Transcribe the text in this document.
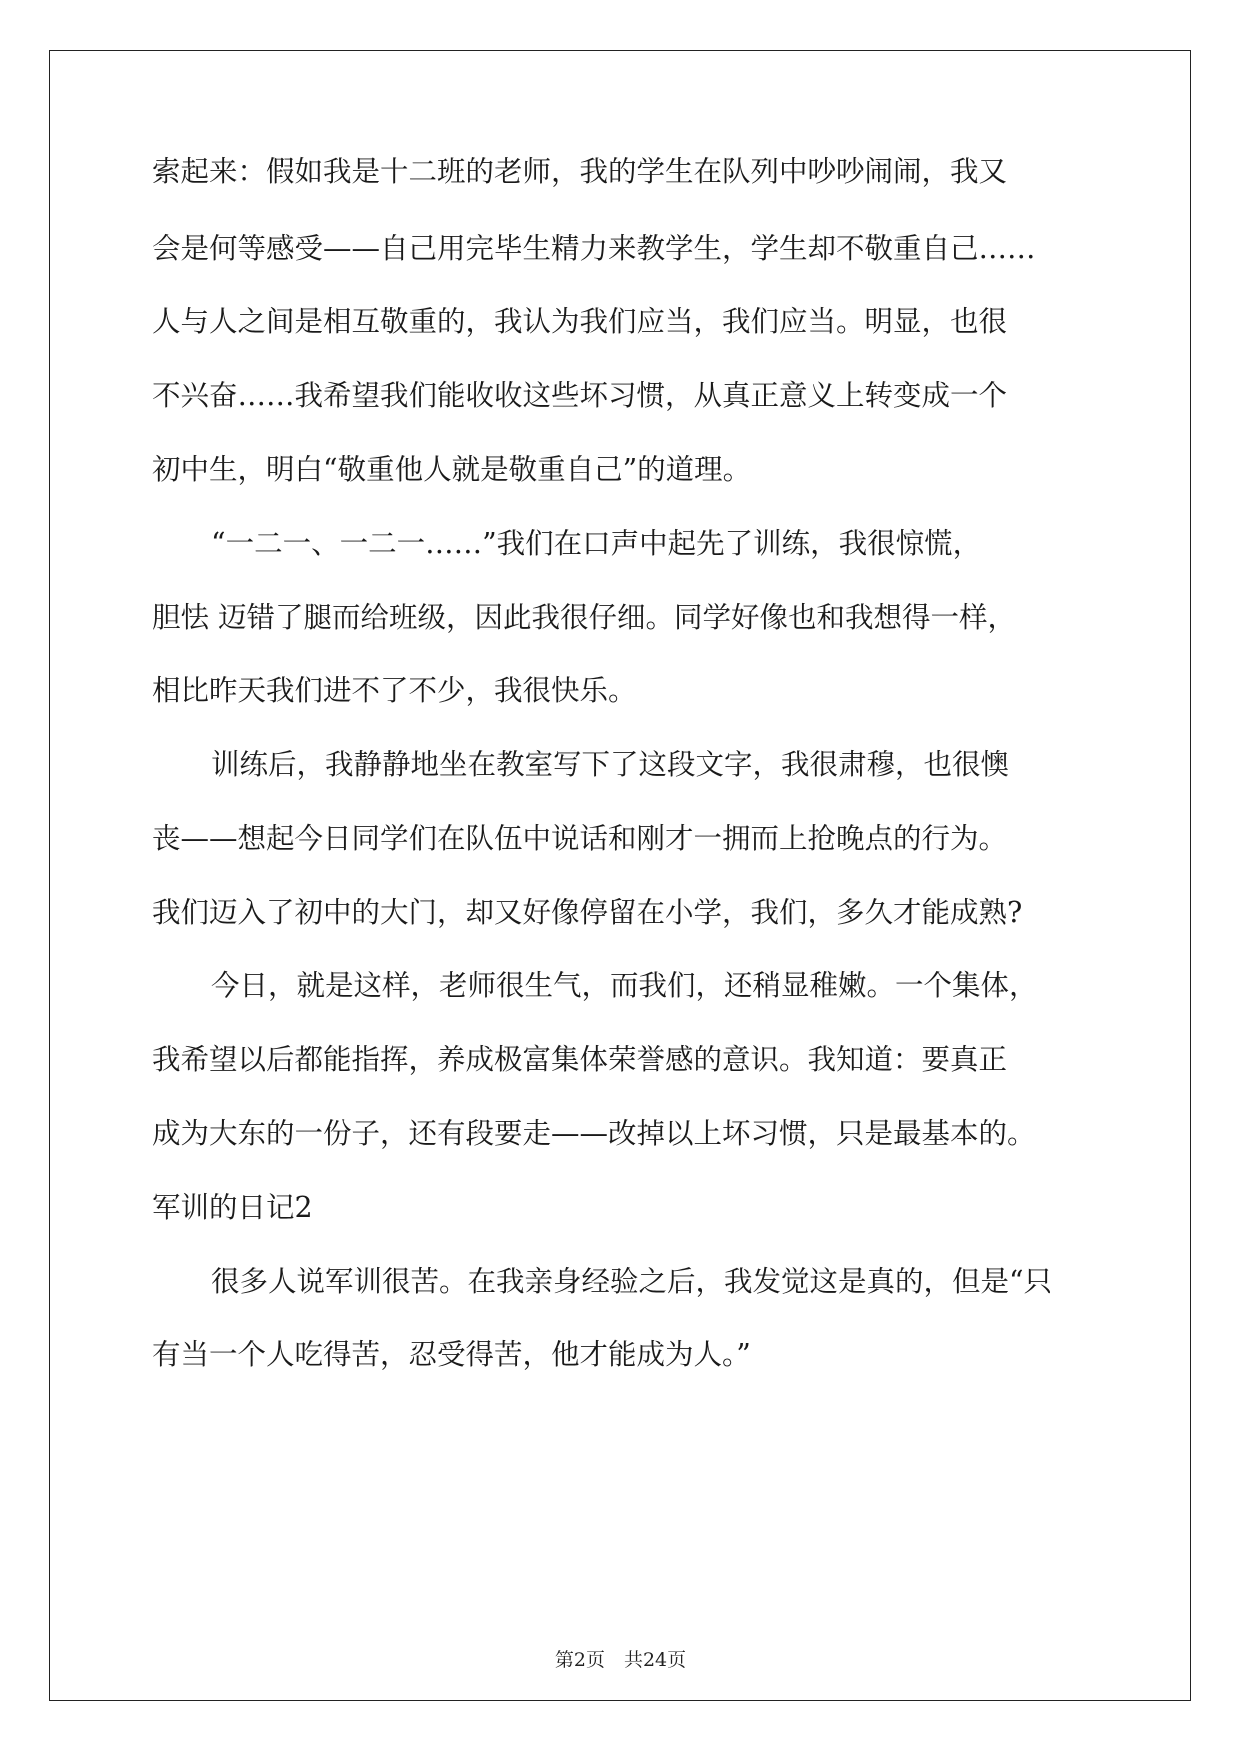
索起来：假如我是十二班的老师，我的学生在队列中吵吵闹闹，我又
会是何等感受——自己用完毕生精力来教学生，学生却不敬重自己……
人与人之间是相互敬重的，我认为我们应当，我们应当。明显，也很
不兴奋……我希望我们能收收这些坏习惯，从真正意义上转变成一个
初中生，明白“敬重他人就是敬重自己”的道理。
“一二一、一二一……”我们在口声中起先了训练，我很惊慌，
胆怯 迈错了腿而给班级，因此我很仔细。同学好像也和我想得一样，
相比昨天我们进不了不少，我很快乐。
训练后，我静静地坐在教室写下了这段文字，我很肃穆，也很懊
丧——想起今日同学们在队伍中说话和刚才一拥而上抢晚点的行为。
我们迈入了初中的大门，却又好像停留在小学，我们，多久才能成熟?
今日，就是这样，老师很生气，而我们，还稍显稚嫩。一个集体，
我希望以后都能指挥，养成极富集体荣誉感的意识。我知道：要真正
成为大东的一份子，还有段要走——改掉以上坏习惯，只是最基本的。
军训的日记2
很多人说军训很苦。在我亲身经验之后，我发觉这是真的，但是“只
有当一个人吃得苦，忍受得苦，他才能成为人。”
第2页　共24页
